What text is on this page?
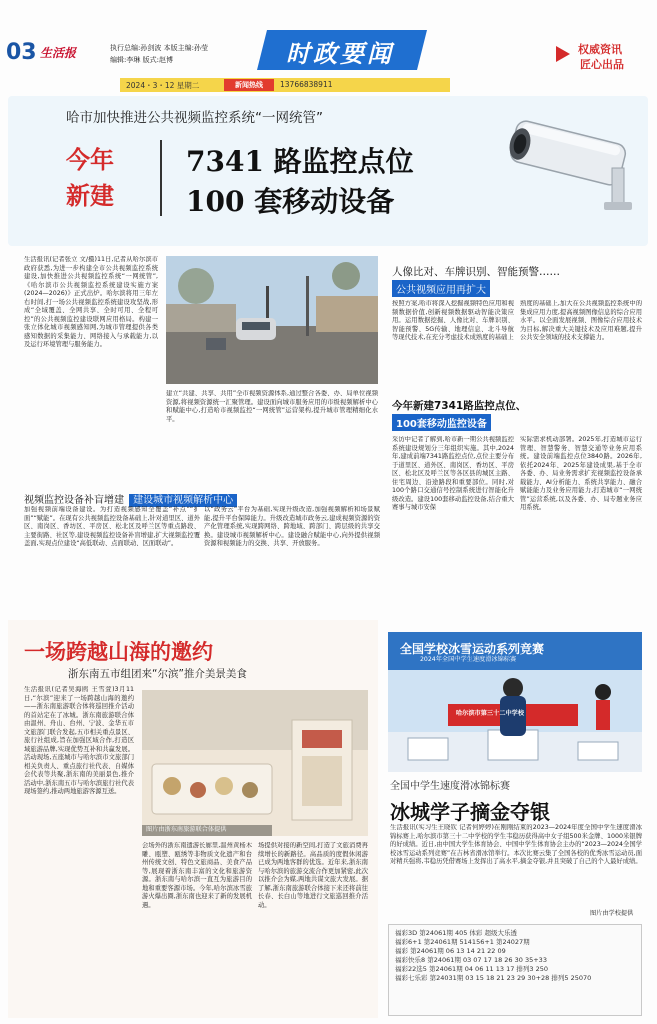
03 生活报	执行总编:孙剑波 本版主编:孙莹
编辑:李琳 版式:赵博	时政要闻	权威资讯
匠心出品
2024・3・12 星期二	新闻热线	13766838911
哈市加快推进公共视频监控系统“一网统管”
今年
新建
7341 路监控点位
100 套移动设备
生活报讯(记者张立 文/摄)11日,记者从哈尔滨市政府获悉,为进一步构建全市公共视频监控系统建设,加快推进公共视频监控系统“一网统管”,《哈尔滨市公共视频监控系统建设实施方案(2024—2026)》正式出炉。哈尔滨将用三年左右时间,打一场公共视频监控系统建设攻坚战,形成“全域覆盖、全网共享、全时可用、全程可控”的公共视频监控建设联网应用格局。构建一张立体化城市视频感知网,为城市管理提供各类感知数据的采集能力、网络接入与承载能力,以及运行环境管理与服务能力。
建立“共建、共享、共用”全市视频资源体系,通过整合各委、办、局单位视频资源,将视频资源统一汇聚管理。建设面向城市服务应用的市级视频解析中心和赋能中心,打造哈市视频监控“一网统管”运营架构,提升城市管理精细化水平。
视频监控设备补盲增建 建设城市视频解析中心
加强视频前端设备建设。为打造视频感知全覆盖“补点”“扩面”“赋能”。在现有公共视频监控设备基础上,针对道里区、道外区、南岗区、香坊区、平房区、松北区及呼兰区等重点路段、主要街路、社区等,建设视频监控设备补盲增建,扩大视频监控覆盖面,实现点位建设“高低联动、点面联动、区面联动”。
以“政务云”平台为基础,实现升级改造,加强视频解析和场景赋能,提升平台保障能力。升级改造城市政务云,建成视频资源的资产化管理系统,实现跨网络、跨地域、跨部门、跨层级的共享交换。建设城市视频解析中心。建设融合赋能中心,向外提供视频资源和视频能力的交换、共享、开放服务。
人像比对、车牌识别、智能预警……
公共视频应用再扩大
按照方案,哈市将深入挖掘视频特色应用和视频数据价值,创新视频数据驱动智能决策应用。运用数据挖掘、人像比对、车牌识别、智能预警、5G传输、地理信息、北斗导航等现代技术,在充分考虑技术成熟度的基础上
熟度的基础上,加大在公共视频监控系统中的集成应用力度,提高视频图像信息的综合应用水平。以全面发展视频、图像综合应用技术为目标,解决重大关键技术及应用难题,提升公共安全领域的技术支撑能力。
今年新建7341路监控点位、
100套移动监控设备
采访中记者了解到,哈市新一期公共视频监控系统建设规划分三年组织实施。其中,2024年,建成前端7341路监控点位,点位主要分布于道里区、道外区、南岗区、香坊区、平房区、松北区及呼兰区等各区县的城区主路、住宅周边、沿途路段和重要部位。同时,对100个路口交通信号控制系统进行智能化升级改造。建设100套移动监控设备,结合重大赛事与城市安保
实际需求机动部署。2025年,打造城市运行管理、智慧警务、智慧交通等业务应用系统。建设前端监控点位3840路。2026年,依托2024年、2025年建设成果,基于全市各委、办、局业务需求扩充视频监控设备承载能力、AI分析能力、系统共享能力、融合赋能能力及业务应用能力,打造城市“一网统管”运营系统,以及各委、办、局专题业务应用系统。
一场跨越山海的邀约
浙东南五市组团来“尔滨”推介美景美食
生活报讯(记者吴海鸥 王雪萱)3月11日,“尔滨”迎来了一场跨越山海的邀约——浙东南旅游联合体将巡回推介活动的首站定在了冰城。浙东南旅游联合体由温州、舟山、台州、宁波、金华五市文旅部门联合发起,五市相关重点景区、旅行社组成,旨在加强区域合作,打造区域旅游品牌,实现优势互补和共赢发展。活动现场,五座城市与哈尔滨市文旅部门相关负责人、重点旅行社代表、自媒体会代表等共聚,浙东南的美丽景色,推介活动中,浙东南五市与哈尔滨旅行社代表现场签约,推动两地旅游客源互送。
图片由浙东南旅游联合体提供
会场外的浙东南遗游长廊里,温州黄杨木雕、瓯塑、瓯绣等非物质文化遗产和台州传统文创、特色文旅商品、美食产品等,展现着浙东南丰富的文化和旅游资源。浙东南与哈尔滨一直互为旅游目的地和重要客源市场。今年,哈尔滨冰雪旅游火爆出圈,浙东南也迎来了新的发展机遇。
场提供对接的新空间,打造了文旅消费再续增长的新路径。高品质的度假休闲游已成为两地客群的优选。近年来,浙东南与哈尔滨的旅游交流合作更加紧密,此次以推介会为媒,两地共谋文旅大发展。据了解,浙东南旅游联合体接下来还将前往长春、长白山等地进行文旅巡回推介活动。
全国学校冰雪运动系列竞赛
2024年全国中学生速度滑冰锦标赛
哈尔滨市第三十二中学校
全国中学生速度滑冰锦标赛
冰城学子摘金夺银
生活报讯(实习生王晓钦 记者何婷婷)在刚刚结束的2023—2024年度全国中学生速度滑冰锦标赛上,哈尔滨市第三十二中学校的学生韦稳历获得高中女子组500米金牌、1000米银牌的好成绩。近日,由中国大学生体育协会、中国中学生体育协会主办的“2023—2024全国学校冰雪运动系列竞赛”在吉林省滑冰馆举行。本次比赛云集了全国各校的优秀冰雪运动员,面对精兵强将,韦稳历凭借赛场上发挥出了高水平,摘金夺银,并且突破了自己的个人最好成绩。
图片由学校提供
福彩3D 第24061期 405 体彩 超级大乐透
福彩6+1 第24061期 514156+1 第24027期
福彩 第24061期 06 13 14 21 22 09
福彩快乐8 第24061期 03 07 17 18 26 30 35+33
福彩22选5 第24061期 04 06 11 13 17 排列3 250
福彩七乐彩 第24031期 03 15 18 21 23 29 30+28 排列5 25070
